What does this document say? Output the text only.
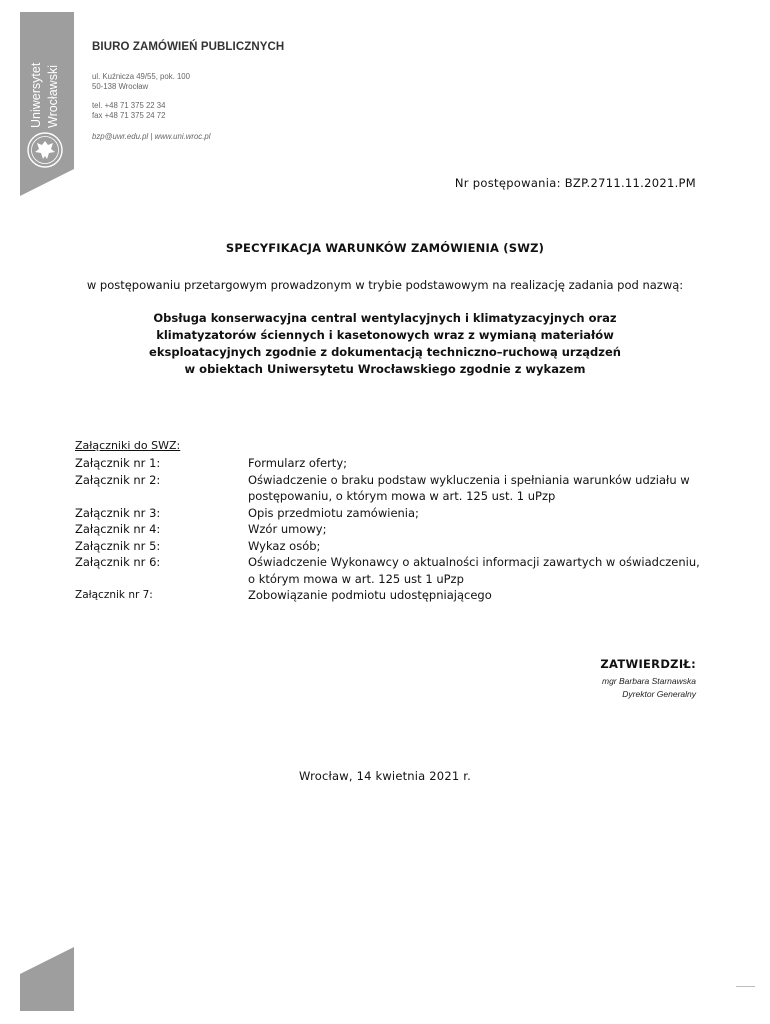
Uniwersytet Wrocławski
BIURO ZAMÓWIEŃ PUBLICZNYCH
ul. Kuźnicza 49/55, pok. 100
50-138 Wrocław
tel. +48 71 375 22 34
fax +48 71 375 24 72
bzp@uwr.edu.pl | www.uni.wroc.pl
Nr postępowania: BZP.2711.11.2021.PM
SPECYFIKACJA WARUNKÓW ZAMÓWIENIA (SWZ)
w postępowaniu przetargowym prowadzonym w trybie podstawowym na realizację zadania pod nazwą:
Obsługa konserwacyjna central wentylacyjnych i klimatyzacyjnych oraz
klimatyzatorów ściennych i kasetonowych wraz z wymianą materiałów
eksploatacyjnych zgodnie z dokumentacją techniczno–ruchową urządzeń
w obiektach Uniwersytetu Wrocławskiego zgodnie z wykazem
Załączniki do SWZ:
Załącznik nr 1:	Formularz oferty;
Załącznik nr 2:	Oświadczenie o braku podstaw wykluczenia i spełniania warunków udziału w postępowaniu, o którym mowa w art. 125 ust. 1 uPzp
Załącznik nr 3:	Opis przedmiotu zamówienia;
Załącznik nr 4:	Wzór umowy;
Załącznik nr 5:	Wykaz osób;
Załącznik nr 6:	Oświadczenie Wykonawcy o aktualności informacji zawartych w oświadczeniu, o którym mowa w art. 125 ust 1 uPzp
Załącznik nr 7:	Zobowiązanie podmiotu udostępniającego
ZATWIERDZIŁ:
mgr Barbara Starnawska
Dyrektor Generalny
Wrocław, 14 kwietnia 2021 r.
